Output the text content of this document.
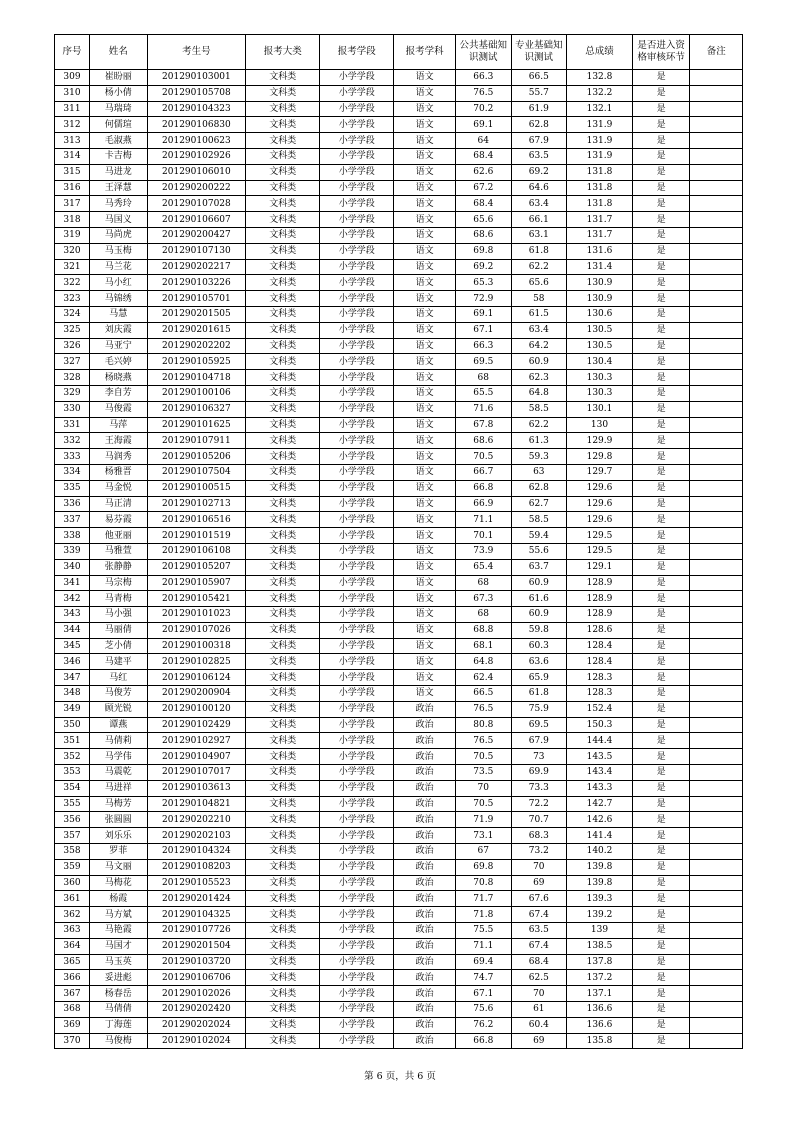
序号	姓名	考生号	报考大类	报考学段	报考学科	公共基础知识测试	专业基础知识测试	总成绩	是否进入资格审核环节	备注
309	崔盼丽	201290103001	文科类	小学学段	语文	66.3	66.5	132.8	是	
310	杨小倩	201290105708	文科类	小学学段	语文	76.5	55.7	132.2	是	
311	马瑞琦	201290104323	文科类	小学学段	语文	70.2	61.9	132.1	是	
312	何儒瑄	201290106830	文科类	小学学段	语文	69.1	62.8	131.9	是	
313	毛淑燕	201290100623	文科类	小学学段	语文	64	67.9	131.9	是	
314	卡吉梅	201290102926	文科类	小学学段	语文	68.4	63.5	131.9	是	
315	马进龙	201290106010	文科类	小学学段	语文	62.6	69.2	131.8	是	
316	王泽慧	201290200222	文科类	小学学段	语文	67.2	64.6	131.8	是	
317	马秀玲	201290107028	文科类	小学学段	语文	68.4	63.4	131.8	是	
318	马国义	201290106607	文科类	小学学段	语文	65.6	66.1	131.7	是	
319	马尚虎	201290200427	文科类	小学学段	语文	68.6	63.1	131.7	是	
320	马玉梅	201290107130	文科类	小学学段	语文	69.8	61.8	131.6	是	
321	马兰花	201290202217	文科类	小学学段	语文	69.2	62.2	131.4	是	
322	马小红	201290103226	文科类	小学学段	语文	65.3	65.6	130.9	是	
323	马锦绣	201290105701	文科类	小学学段	语文	72.9	58	130.9	是	
324	马慧	201290201505	文科类	小学学段	语文	69.1	61.5	130.6	是	
325	刘庆霞	201290201615	文科类	小学学段	语文	67.1	63.4	130.5	是	
326	马亚宁	201290202202	文科类	小学学段	语文	66.3	64.2	130.5	是	
327	毛兴婷	201290105925	文科类	小学学段	语文	69.5	60.9	130.4	是	
328	杨晓燕	201290104718	文科类	小学学段	语文	68	62.3	130.3	是	
329	李自芳	201290100106	文科类	小学学段	语文	65.5	64.8	130.3	是	
330	马俊霞	201290106327	文科类	小学学段	语文	71.6	58.5	130.1	是	
331	马萍	201290101625	文科类	小学学段	语文	67.8	62.2	130	是	
332	王海霞	201290107911	文科类	小学学段	语文	68.6	61.3	129.9	是	
333	马润秀	201290105206	文科类	小学学段	语文	70.5	59.3	129.8	是	
334	杨雅晋	201290107504	文科类	小学学段	语文	66.7	63	129.7	是	
335	马金悦	201290100515	文科类	小学学段	语文	66.8	62.8	129.6	是	
336	马正清	201290102713	文科类	小学学段	语文	66.9	62.7	129.6	是	
337	易芬霞	201290106516	文科类	小学学段	语文	71.1	58.5	129.6	是	
338	他亚丽	201290101519	文科类	小学学段	语文	70.1	59.4	129.5	是	
339	马雅萱	201290106108	文科类	小学学段	语文	73.9	55.6	129.5	是	
340	张静静	201290105207	文科类	小学学段	语文	65.4	63.7	129.1	是	
341	马宗梅	201290105907	文科类	小学学段	语文	68	60.9	128.9	是	
342	马青梅	201290105421	文科类	小学学段	语文	67.3	61.6	128.9	是	
343	马小强	201290101023	文科类	小学学段	语文	68	60.9	128.9	是	
344	马丽倩	201290107026	文科类	小学学段	语文	68.8	59.8	128.6	是	
345	芝小倩	201290100318	文科类	小学学段	语文	68.1	60.3	128.4	是	
346	马建平	201290102825	文科类	小学学段	语文	64.8	63.6	128.4	是	
347	马红	201290106124	文科类	小学学段	语文	62.4	65.9	128.3	是	
348	马俊芳	201290200904	文科类	小学学段	语文	66.5	61.8	128.3	是	
349	顾光锐	201290100120	文科类	小学学段	政治	76.5	75.9	152.4	是	
350	谭燕	201290102429	文科类	小学学段	政治	80.8	69.5	150.3	是	
351	马倩莉	201290102927	文科类	小学学段	政治	76.5	67.9	144.4	是	
352	马学伟	201290104907	文科类	小学学段	政治	70.5	73	143.5	是	
353	马震乾	201290107017	文科类	小学学段	政治	73.5	69.9	143.4	是	
354	马进祥	201290103613	文科类	小学学段	政治	70	73.3	143.3	是	
355	马梅芳	201290104821	文科类	小学学段	政治	70.5	72.2	142.7	是	
356	张圆圆	201290202210	文科类	小学学段	政治	71.9	70.7	142.6	是	
357	刘乐乐	201290202103	文科类	小学学段	政治	73.1	68.3	141.4	是	
358	罗菲	201290104324	文科类	小学学段	政治	67	73.2	140.2	是	
359	马文丽	201290108203	文科类	小学学段	政治	69.8	70	139.8	是	
360	马梅花	201290105523	文科类	小学学段	政治	70.8	69	139.8	是	
361	杨霞	201290201424	文科类	小学学段	政治	71.7	67.6	139.3	是	
362	马方斌	201290104325	文科类	小学学段	政治	71.8	67.4	139.2	是	
363	马艳霞	201290107726	文科类	小学学段	政治	75.5	63.5	139	是	
364	马国才	201290201504	文科类	小学学段	政治	71.1	67.4	138.5	是	
365	马玉英	201290103720	文科类	小学学段	政治	69.4	68.4	137.8	是	
366	妥进彪	201290106706	文科类	小学学段	政治	74.7	62.5	137.2	是	
367	杨春岳	201290102026	文科类	小学学段	政治	67.1	70	137.1	是	
368	马倩倩	201290202420	文科类	小学学段	政治	75.6	61	136.6	是	
369	丁海莲	201290202024	文科类	小学学段	政治	76.2	60.4	136.6	是	
370	马俊梅	201290102024	文科类	小学学段	政治	66.8	69	135.8	是	
第 6 页，共 6 页
